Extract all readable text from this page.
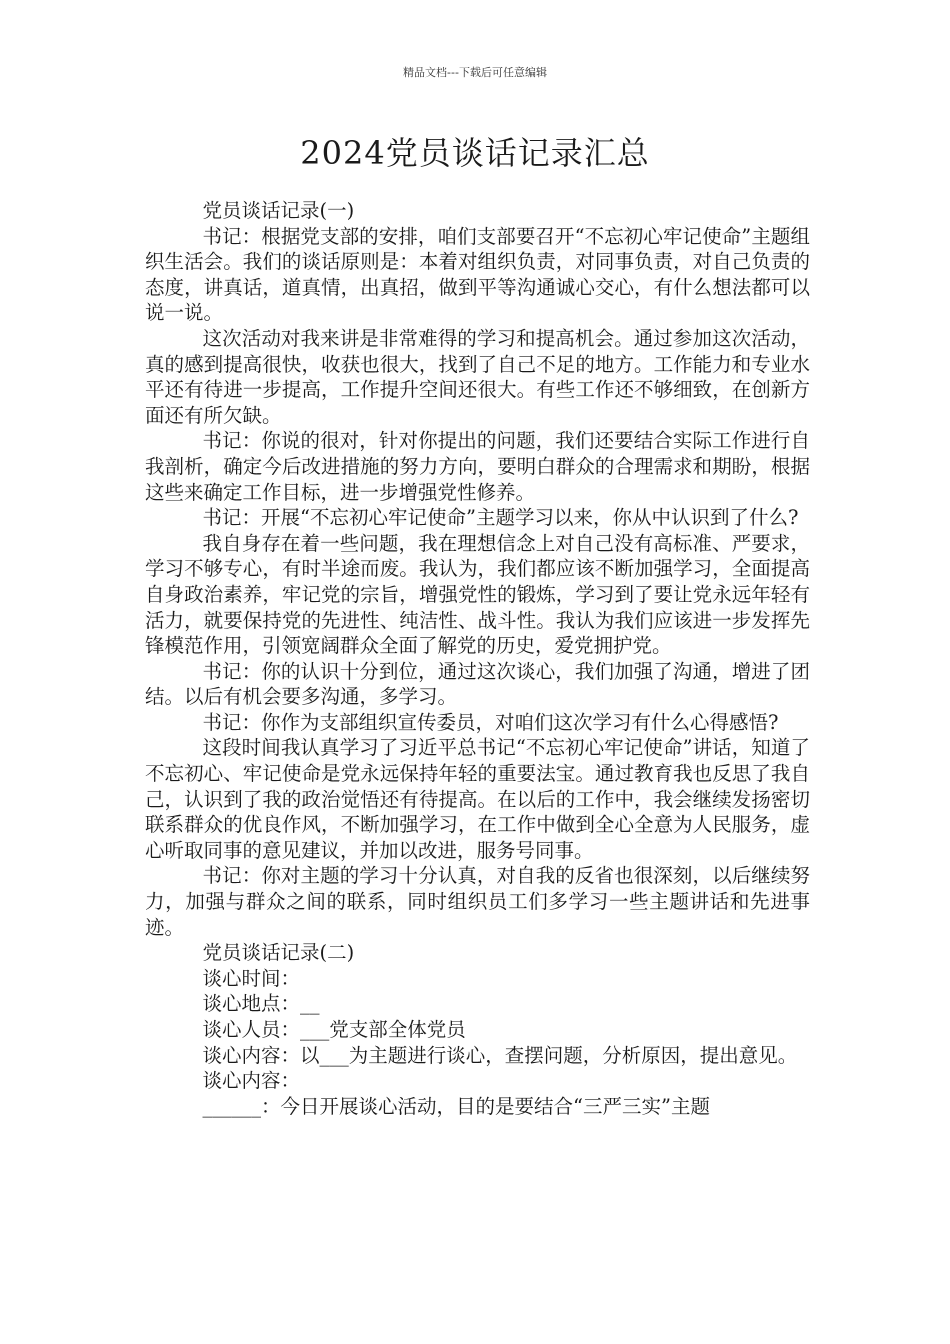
精品文档---下载后可任意编辑
2024党员谈话记录汇总

党员谈话记录(一)

书记：根据党支部的安排，咱们支部要召开“不忘初心牢记使命”主题组织生活会。我们的谈话原则是：本着对组织负责，对同事负责，对自己负责的态度，讲真话，道真情，出真招，做到平等沟通诚心交心，有什么想法都可以说一说。

这次活动对我来讲是非常难得的学习和提高机会。通过参加这次活动，真的感到提高很快，收获也很大，找到了自己不足的地方。工作能力和专业水平还有待进一步提高，工作提升空间还很大。有些工作还不够细致，在创新方面还有所欠缺。

书记：你说的很对，针对你提出的问题，我们还要结合实际工作进行自我剖析，确定今后改进措施的努力方向，要明白群众的合理需求和期盼，根据这些来确定工作目标，进一步增强党性修养。

书记：开展“不忘初心牢记使命”主题学习以来，你从中认识到了什么?

我自身存在着一些问题，我在理想信念上对自己没有高标准、严要求，学习不够专心，有时半途而废。我认为，我们都应该不断加强学习，全面提高自身政治素养，牢记党的宗旨，增强党性的锻炼，学习到了要让党永远年轻有活力，就要保持党的先进性、纯洁性、战斗性。我认为我们应该进一步发挥先锋模范作用，引领宽阔群众全面了解党的历史，爱党拥护党。

书记：你的认识十分到位，通过这次谈心，我们加强了沟通，增进了团结。以后有机会要多沟通，多学习。

书记：你作为支部组织宣传委员，对咱们这次学习有什么心得感悟?

这段时间我认真学习了习近平总书记“不忘初心牢记使命”讲话，知道了不忘初心、牢记使命是党永远保持年轻的重要法宝。通过教育我也反思了我自己，认识到了我的政治觉悟还有待提高。在以后的工作中，我会继续发扬密切联系群众的优良作风，不断加强学习，在工作中做到全心全意为人民服务，虚心听取同事的意见建议，并加以改进，服务号同事。

书记：你对主题的学习十分认真，对自我的反省也很深刻，以后继续努力，加强与群众之间的联系，同时组织员工们多学习一些主题讲话和先进事迹。

党员谈话记录(二)

谈心时间：

谈心地点：__

谈心人员：___党支部全体党员

谈心内容：以___为主题进行谈心，查摆问题，分析原因，提出意见。

谈心内容：

______：今日开展谈心活动，目的是要结合“三严三实”主题
